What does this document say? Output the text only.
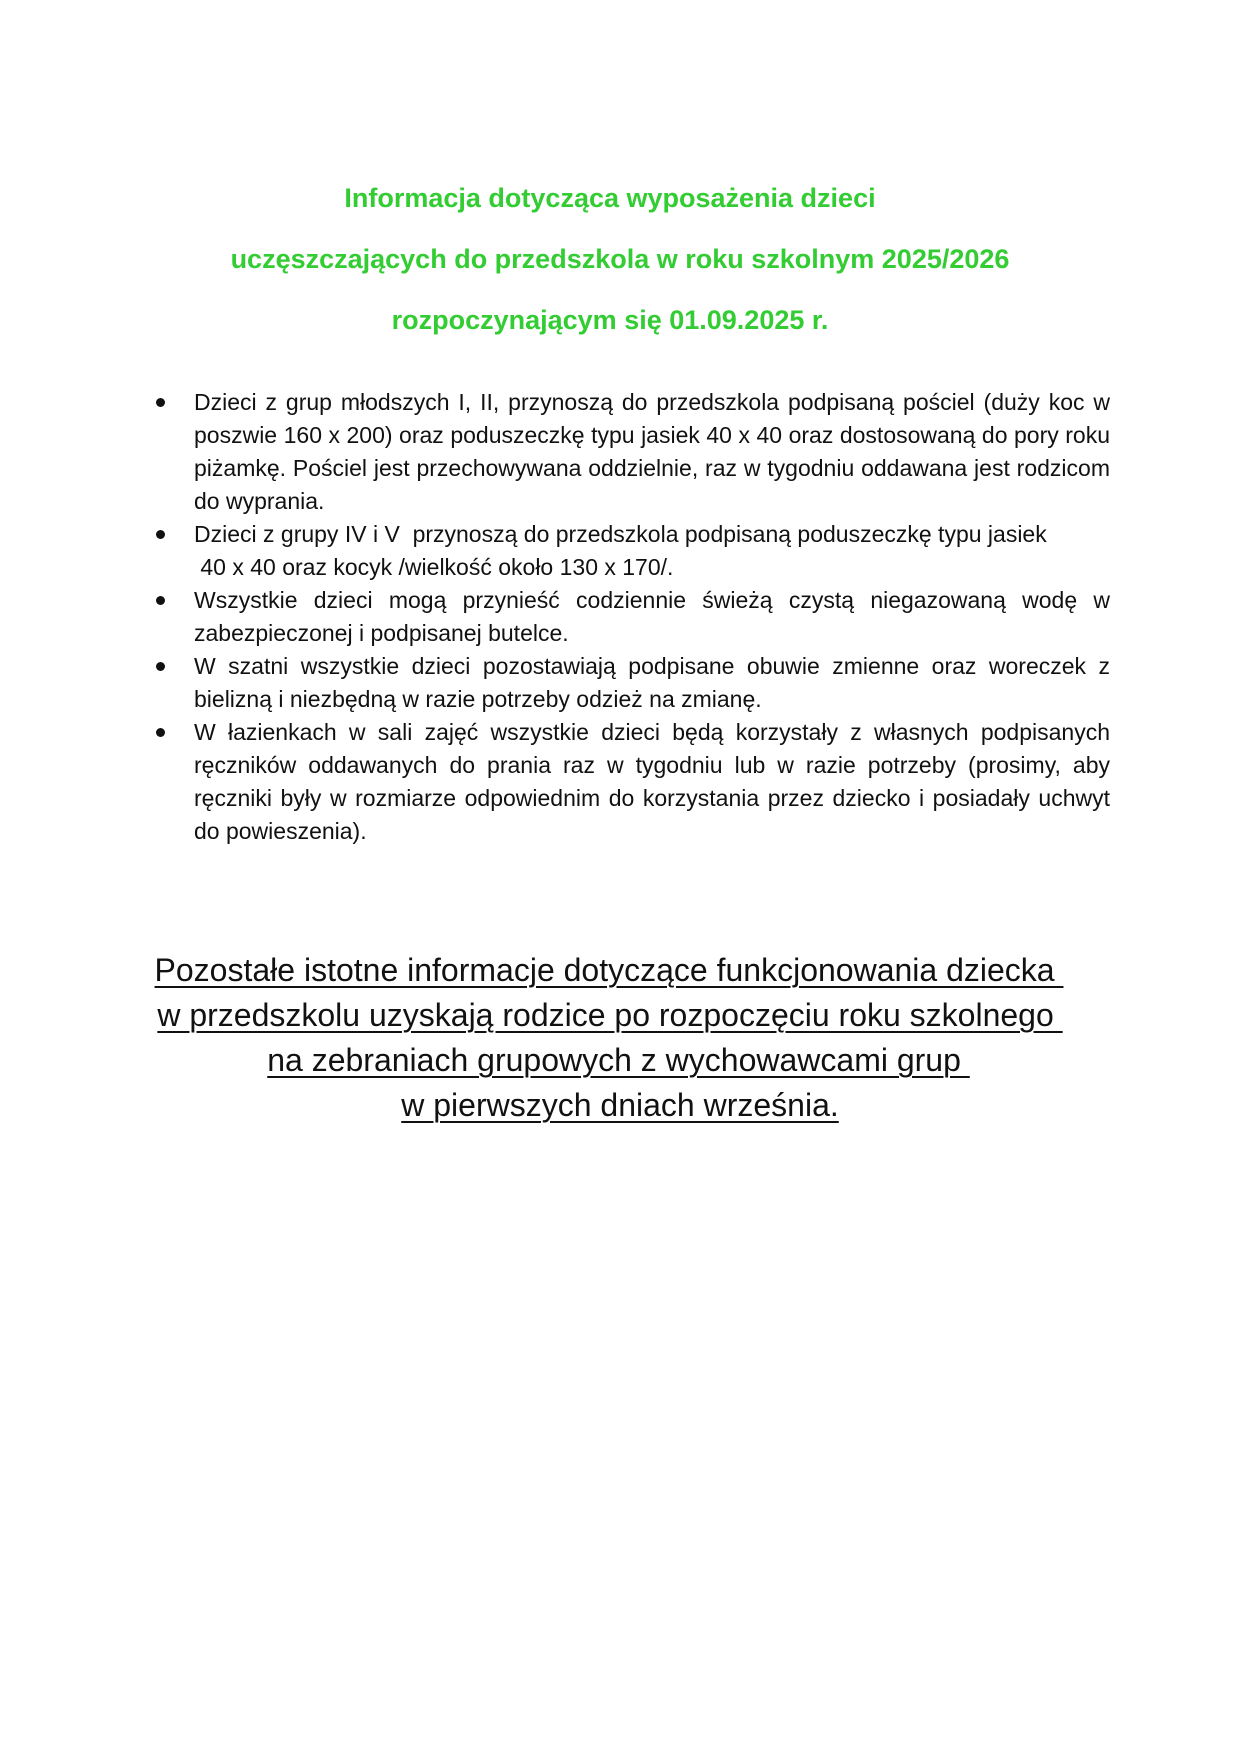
Informacja dotycząca wyposażenia dzieci
uczęszczających do przedszkola w roku szkolnym 2025/2026
rozpoczynającym się 01.09.2025 r.
Dzieci z grup młodszych I, II, przynoszą do przedszkola podpisaną pościel (duży koc w poszwie 160 x 200) oraz poduszeczkę typu jasiek 40 x 40 oraz dostosowaną do pory roku piżamkę. Pościel jest przechowywana oddzielnie, raz w tygodniu oddawana jest rodzicom do wyprania.
Dzieci z grupy IV i V  przynoszą do przedszkola podpisaną poduszeczkę typu jasiek
40 x 40 oraz kocyk /wielkość około 130 x 170/.
Wszystkie dzieci mogą przynieść codziennie świeżą czystą niegazowaną wodę w zabezpieczonej i podpisanej butelce.
W szatni wszystkie dzieci pozostawiają podpisane obuwie zmienne oraz woreczek z bielizną i niezbędną w razie potrzeby odzież na zmianę.
W łazienkach w sali zajęć wszystkie dzieci będą korzystały z własnych podpisanych ręczników oddawanych do prania raz w tygodniu lub w razie potrzeby (prosimy, aby ręczniki były w rozmiarze odpowiednim do korzystania przez dziecko i posiadały uchwyt do powieszenia).
Pozostałe istotne informacje dotyczące funkcjonowania dziecka
w przedszkolu uzyskają rodzice po rozpoczęciu roku szkolnego
na zebraniach grupowych z wychowawcami grup
w pierwszych dniach września.
